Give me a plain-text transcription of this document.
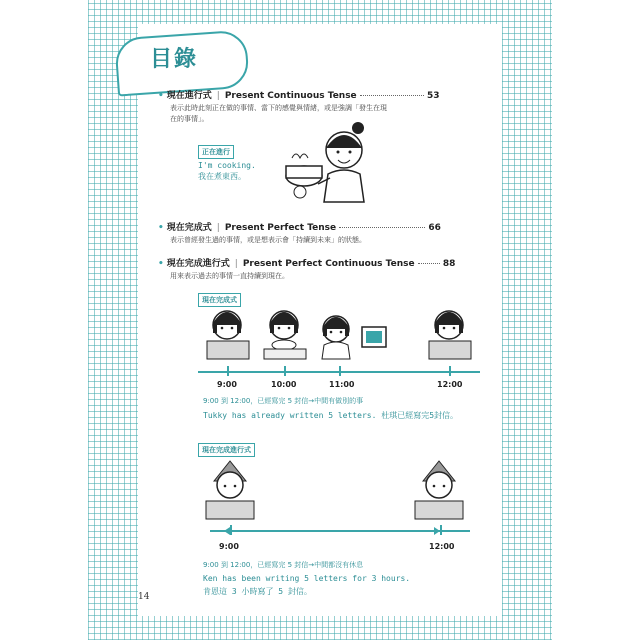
目錄
• 現在進行式 | Present Continuous Tense	53
表示此時此刻正在做的事情、當下的感覺與情緒，或是強調「發生在現
在的事情」。
正在進行
I'm cooking.
我在煮東西。
• 現在完成式 | Present Perfect Tense	66
表示曾經發生過的事情，或是想表示會「持續到未來」的狀態。
• 現在完成進行式 | Present Perfect Continuous Tense	88
用來表示過去的事情一直持續到現在。
現在完成式
9:00	10:00	11:00	12:00
9:00 到 12:00，已經寫完 5 封信→中間有做別的事
Tukky has already written 5 letters. 杜琪已經寫完5封信。
現在完成進行式
9:00	12:00
9:00 到 12:00，已經寫完 5 封信→中間都沒有休息
Ken has been writing 5 letters for 3 hours.
肯恩這 3 小時寫了 5 封信。
14
